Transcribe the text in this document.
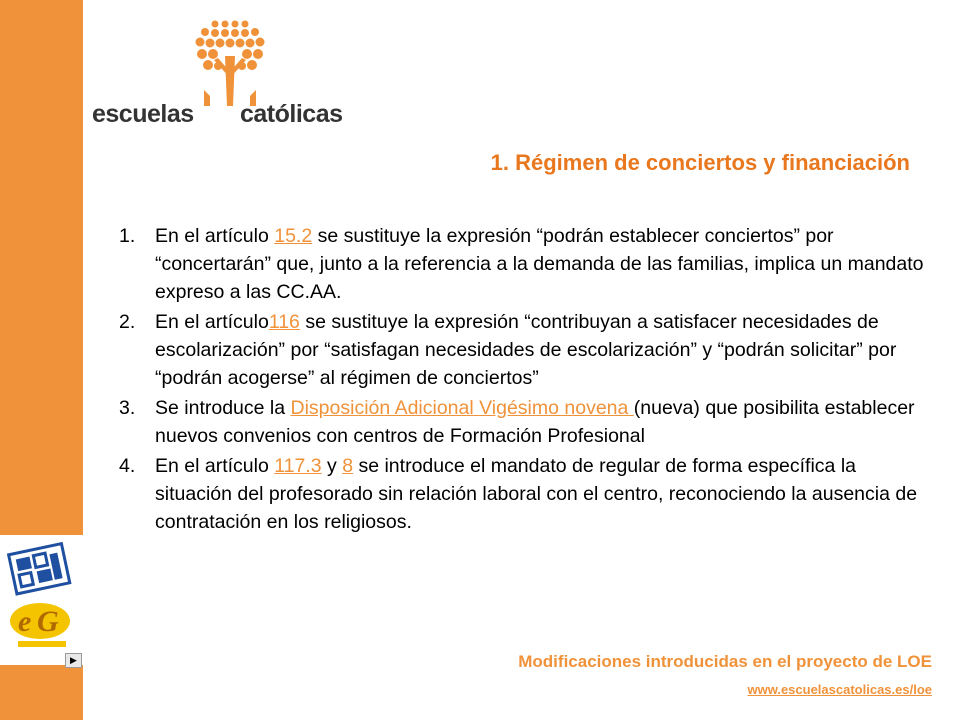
e G
▶
escuelas católicas
1. Régimen de conciertos y financiación
1. En el artículo 15.2 se sustituye la expresión “podrán establecer conciertos” por “concertarán” que, junto a la referencia a la demanda de las familias, implica un mandato expreso a las CC.AA.
2. En el artículo116 se sustituye la expresión “contribuyan a satisfacer necesidades de escolarización” por “satisfagan necesidades de escolarización” y “podrán solicitar” por “podrán acogerse” al régimen de conciertos”
3. Se introduce la Disposición Adicional Vigésimo novena (nueva) que posibilita establecer nuevos convenios con centros de Formación Profesional
4. En el artículo 117.3 y 8 se introduce el mandato de regular de forma específica la situación del profesorado sin relación laboral con el centro, reconociendo la ausencia de contratación en los religiosos.
Modificaciones introducidas en el proyecto de LOE
www.escuelascatolicas.es/loe
